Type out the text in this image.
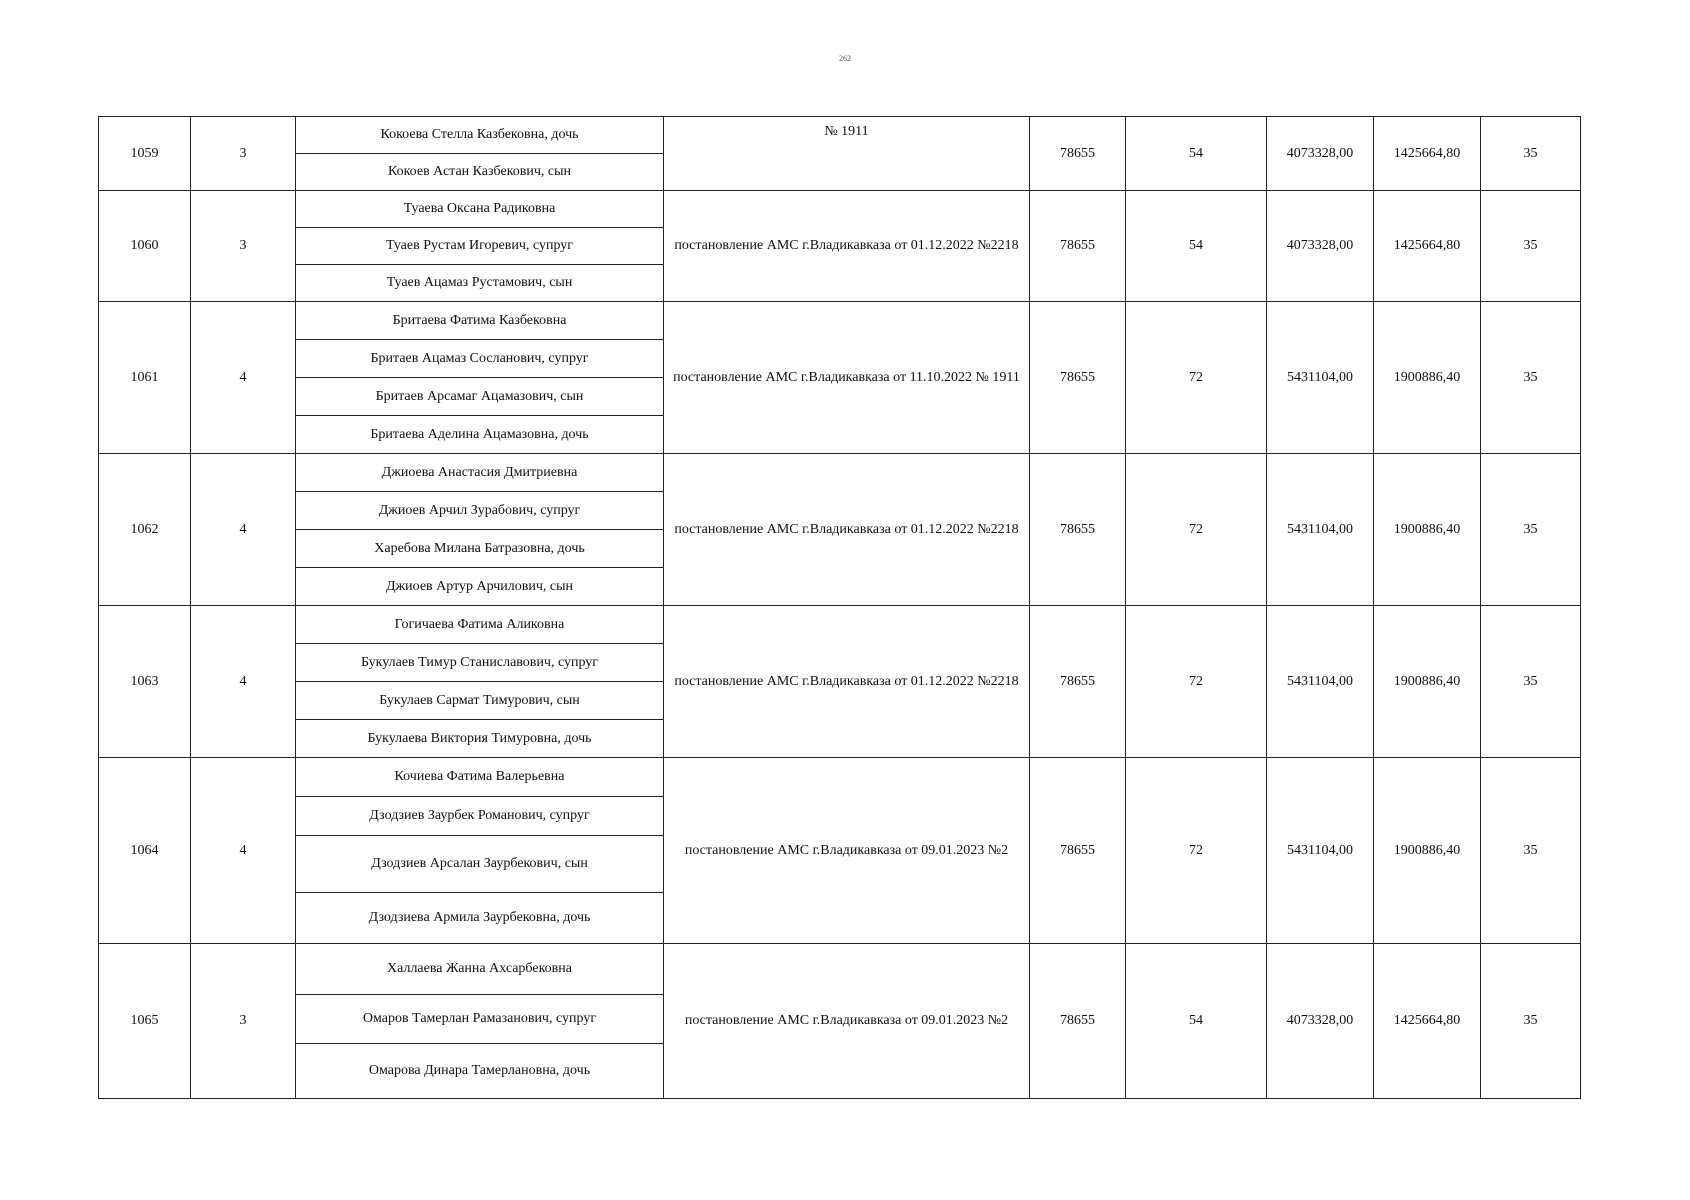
262
1059	3	Кокоева Стелла Казбековна, дочь	№ 1911	78655	54	4073328,00	1425664,80	35
		Кокоев Астан Казбекович, сын						
1060	3	Туаева Оксана Радиковна	постановление АМС г.Владикавказа от 01.12.2022 №2218	78655	54	4073328,00	1425664,80	35
		Туаев Рустам Игоревич, супруг						
		Туаев Ацамаз Рустамович, сын						
1061	4	Бритаева Фатима Казбековна	постановление АМС г.Владикавказа от 11.10.2022 № 1911	78655	72	5431104,00	1900886,40	35
		Бритаев Ацамаз Сосланович, супруг						
		Бритаев Арсамаг Ацамазович, сын						
		Бритаева Аделина Ацамазовна, дочь						
1062	4	Джиоева Анастасия Дмитриевна	постановление АМС г.Владикавказа от 01.12.2022 №2218	78655	72	5431104,00	1900886,40	35
		Джиоев Арчил Зурабович, супруг						
		Харебова Милана Батразовна, дочь						
		Джиоев Артур Арчилович, сын						
1063	4	Гогичаева Фатима Аликовна	постановление АМС г.Владикавказа от 01.12.2022 №2218	78655	72	5431104,00	1900886,40	35
		Букулаев Тимур Станиславович, супруг						
		Букулаев Сармат Тимурович, сын						
		Букулаева Виктория Тимуровна, дочь						
1064	4	Кочиева Фатима Валерьевна	постановление АМС г.Владикавказа от 09.01.2023 №2	78655	72	5431104,00	1900886,40	35
		Дзодзиев Заурбек Романович, супруг						
		Дзодзиев Арсалан Заурбекович, сын						
		Дзодзиева Армила Заурбековна, дочь						
1065	3	Халлаева Жанна Ахсарбековна	постановление АМС г.Владикавказа от 09.01.2023 №2	78655	54	4073328,00	1425664,80	35
		Омаров Тамерлан Рамазанович, супруг						
		Омарова Динара Тамерлановна, дочь						
